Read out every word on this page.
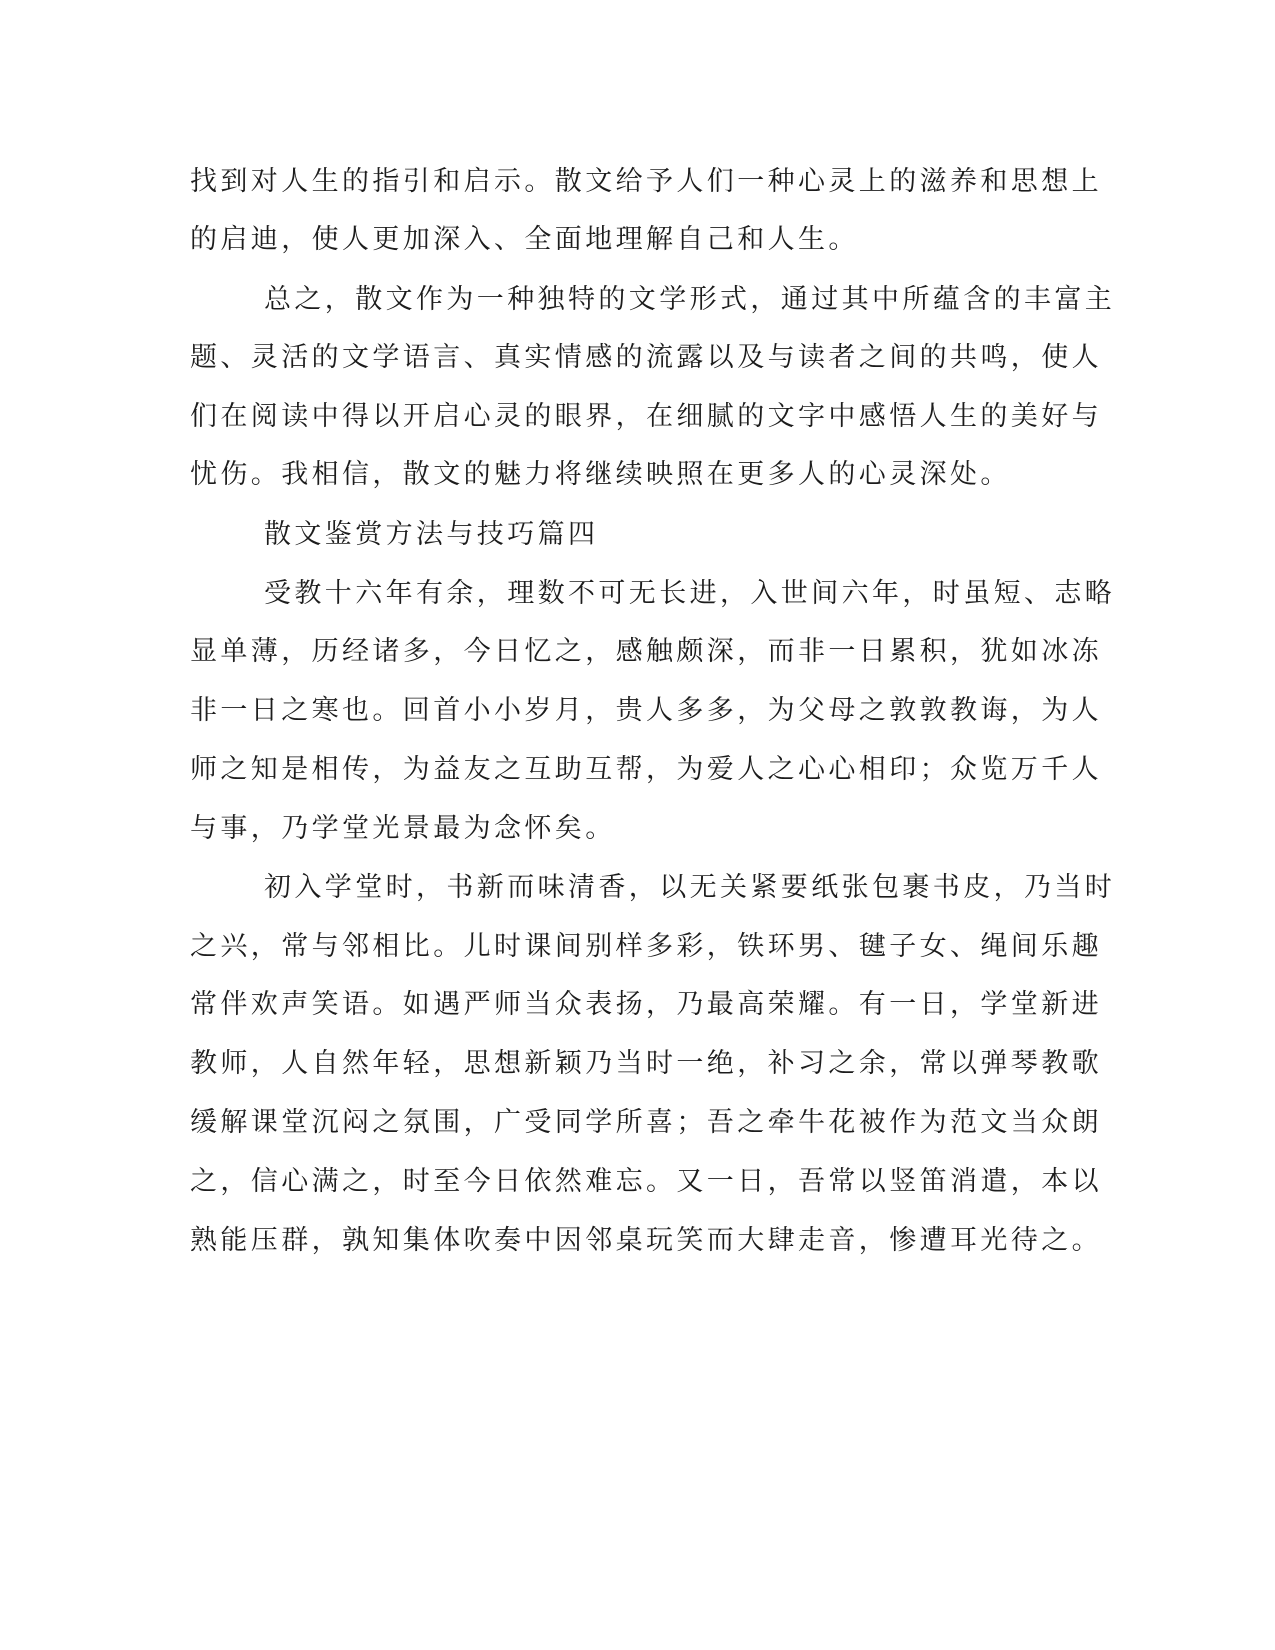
找到对人生的指引和启示。散文给予人们一种心灵上的滋养和思想上
的启迪，使人更加深入、全面地理解自己和人生。
总之，散文作为一种独特的文学形式，通过其中所蕴含的丰富主
题、灵活的文学语言、真实情感的流露以及与读者之间的共鸣，使人
们在阅读中得以开启心灵的眼界，在细腻的文字中感悟人生的美好与
忧伤。我相信，散文的魅力将继续映照在更多人的心灵深处。
散文鉴赏方法与技巧篇四
受教十六年有余，理数不可无长进，入世间六年，时虽短、志略
显单薄，历经诸多，今日忆之，感触颇深，而非一日累积，犹如冰冻
非一日之寒也。回首小小岁月，贵人多多，为父母之敦敦教诲，为人
师之知是相传，为益友之互助互帮，为爱人之心心相印；众览万千人
与事，乃学堂光景最为念怀矣。
初入学堂时，书新而味清香，以无关紧要纸张包裹书皮，乃当时
之兴，常与邻相比。儿时课间别样多彩，铁环男、毽子女、绳间乐趣
常伴欢声笑语。如遇严师当众表扬，乃最高荣耀。有一日，学堂新进
教师，人自然年轻，思想新颖乃当时一绝，补习之余，常以弹琴教歌
缓解课堂沉闷之氛围，广受同学所喜；吾之牵牛花被作为范文当众朗
之，信心满之，时至今日依然难忘。又一日，吾常以竖笛消遣，本以
熟能压群，孰知集体吹奏中因邻桌玩笑而大肆走音，惨遭耳光待之。
